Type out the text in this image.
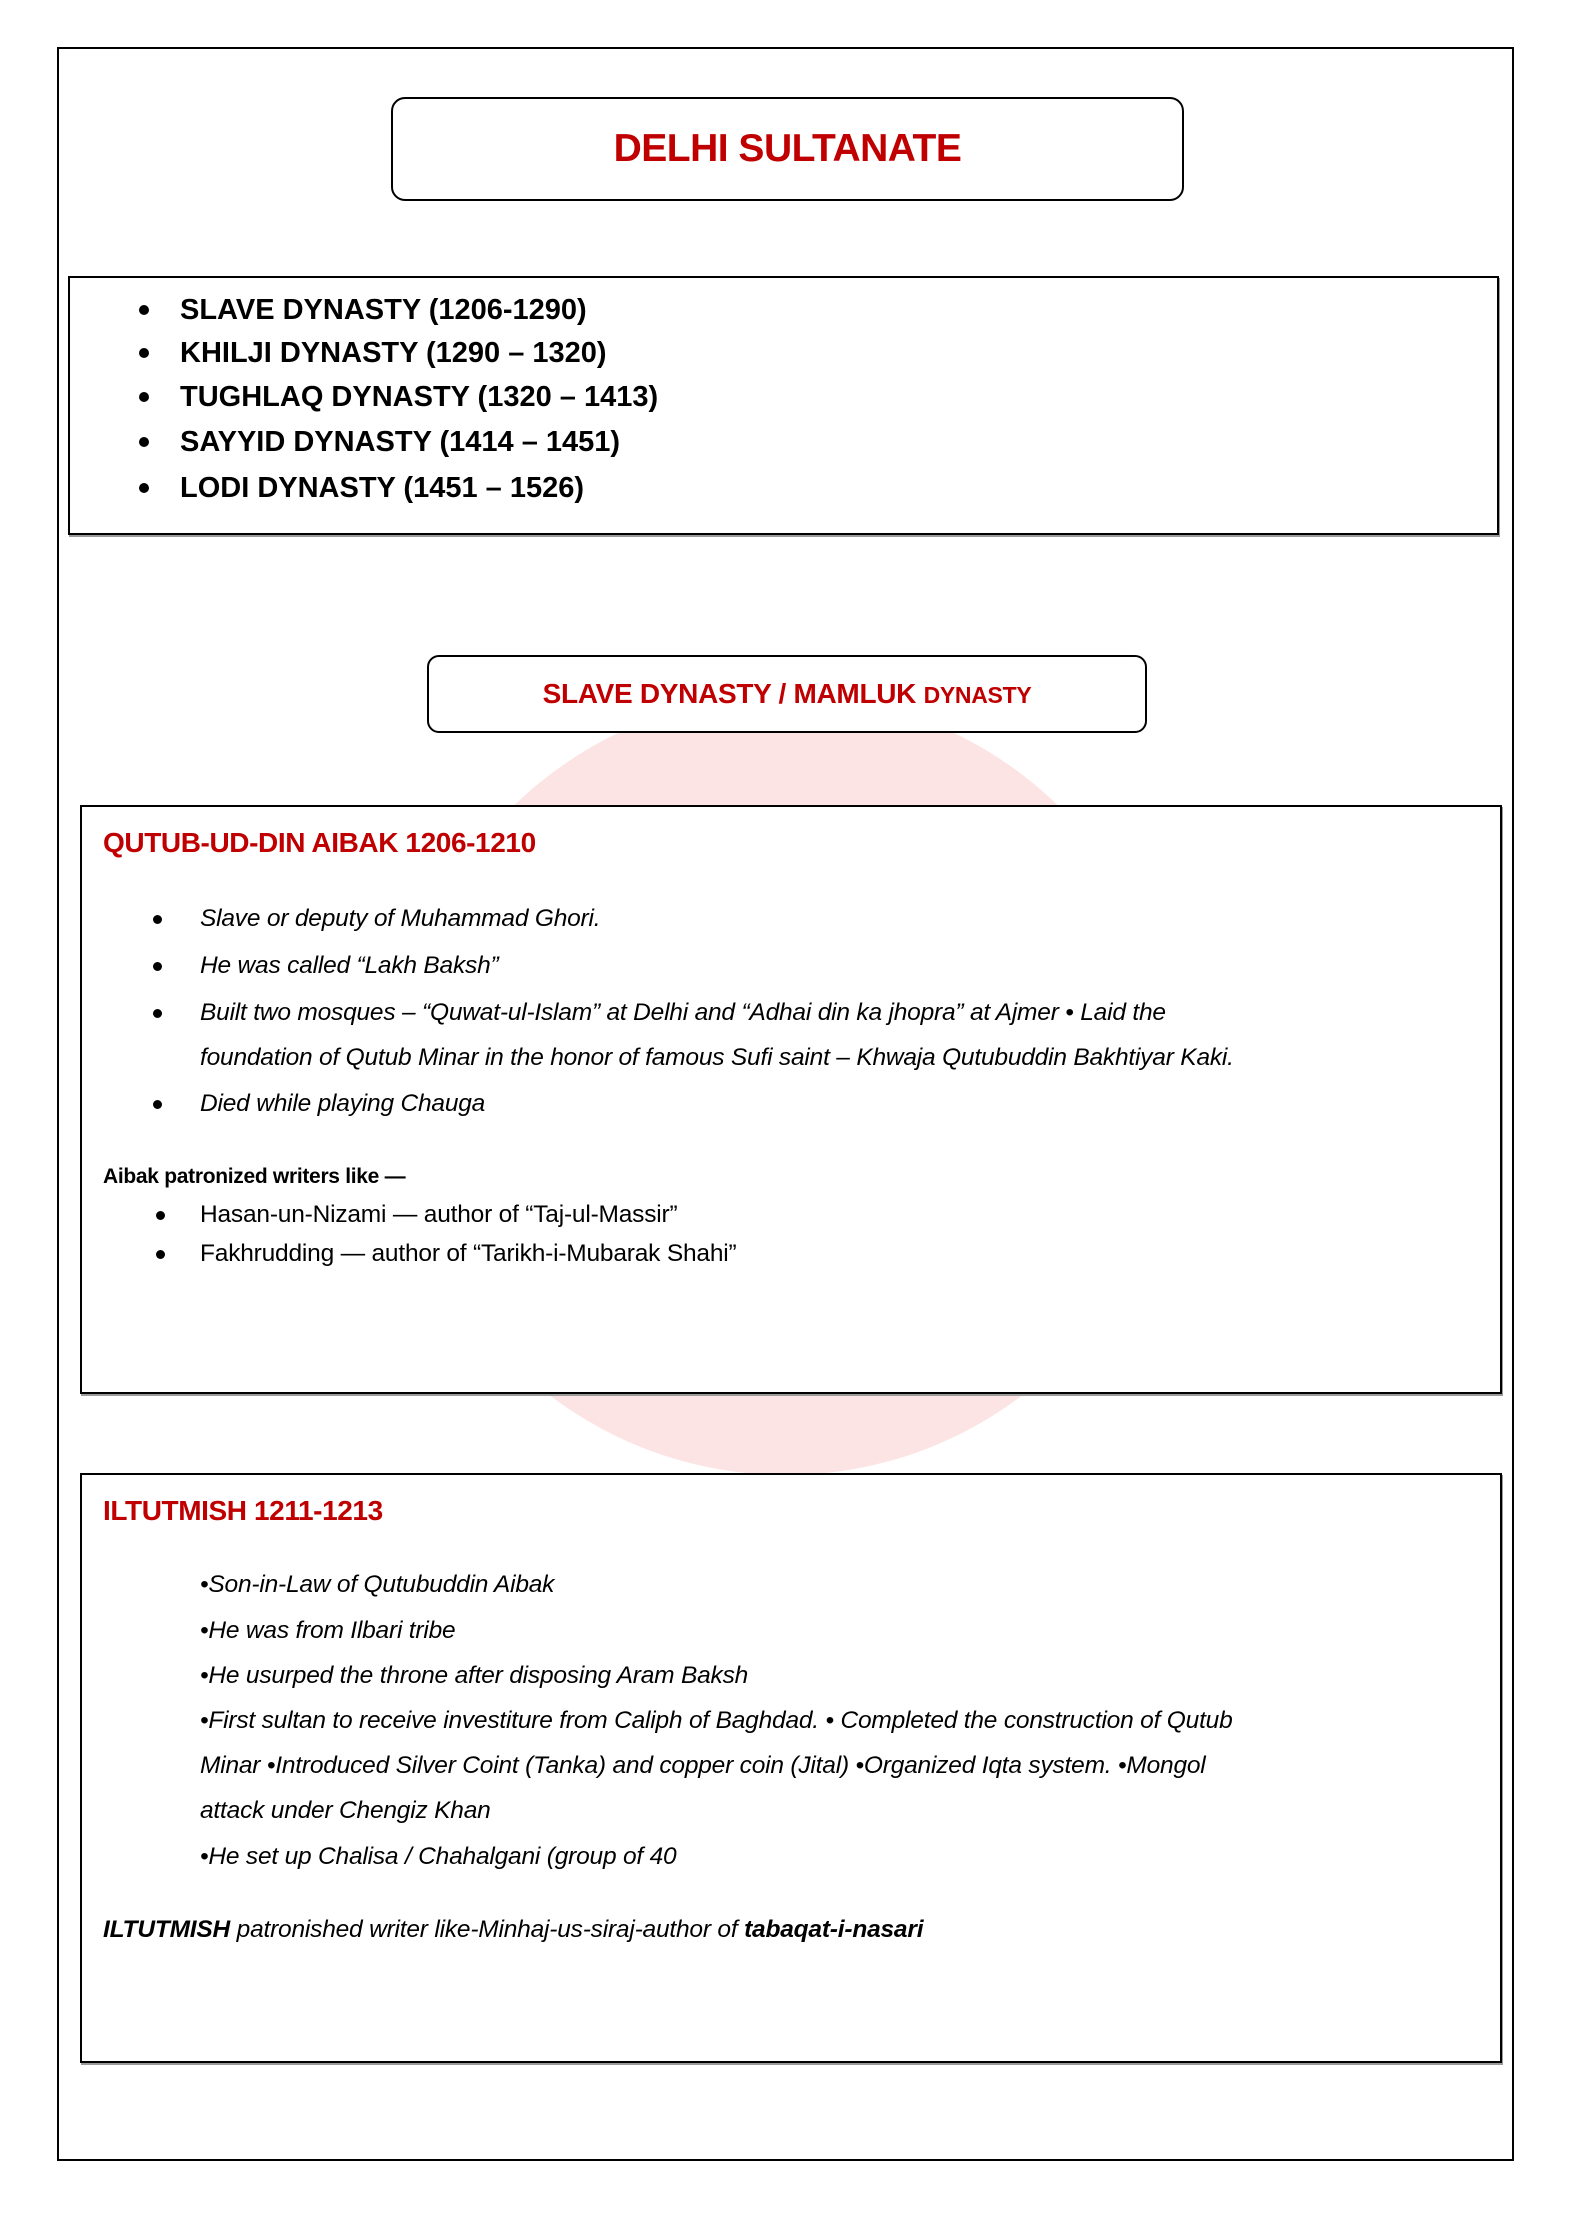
DELHI SULTANATE
SLAVE DYNASTY (1206-1290)
KHILJI DYNASTY (1290 – 1320)
TUGHLAQ DYNASTY (1320 – 1413)
SAYYID DYNASTY (1414 – 1451)
LODI DYNASTY (1451 – 1526)
SLAVE DYNASTY / MAMLUK DYNASTY
QUTUB-UD-DIN AIBAK 1206-1210
Slave or deputy of Muhammad Ghori.
He was called “Lakh Baksh”
Built two mosques – “Quwat-ul-Islam” at Delhi and “Adhai din ka jhopra” at Ajmer • Laid the
foundation of Qutub Minar in the honor of famous Sufi saint – Khwaja Qutubuddin Bakhtiyar Kaki.
Died while playing Chauga
Aibak patronized writers like —
Hasan-un-Nizami — author of “Taj-ul-Massir”
Fakhrudding — author of “Tarikh-i-Mubarak Shahi”
ILTUTMISH 1211-1213
•Son-in-Law of Qutubuddin Aibak
•He was from Ilbari tribe
•He usurped the throne after disposing Aram Baksh
•First sultan to receive investiture from Caliph of Baghdad. • Completed the construction of Qutub
Minar •Introduced Silver Coint (Tanka) and copper coin (Jital) •Organized Iqta system. •Mongol
attack under Chengiz Khan
•He set up Chalisa / Chahalgani (group of 40
ILTUTMISH patronished writer like-Minhaj-us-siraj-author of tabaqat-i-nasari
